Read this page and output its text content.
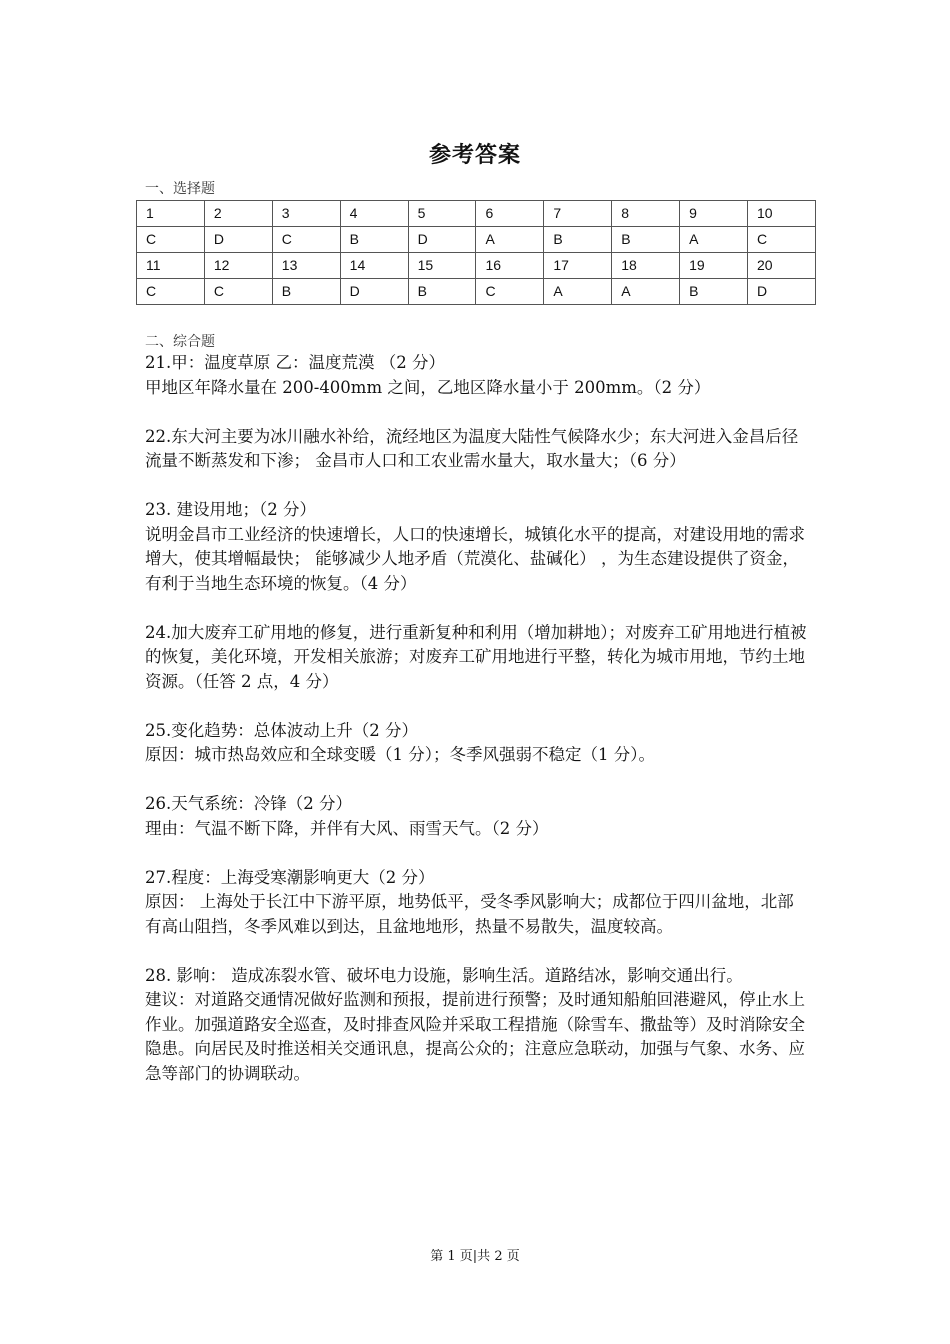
参考答案
一、选择题
1	2	3	4	5	6	7	8	9	10
C	D	C	B	D	A	B	B	A	C
11	12	13	14	15	16	17	18	19	20
C	C	B	D	B	C	A	A	B	D
二、综合题

21.甲：温度草原 乙：温度荒漠 （2 分）

甲地区年降水量在 200-400mm 之间，乙地区降水量小于 200mm。（2 分）

22.东大河主要为冰川融水补给，流经地区为温度大陆性气候降水少；东大河进入金昌后径流量不断蒸发和下渗； 金昌市人口和工农业需水量大，取水量大；（6 分）

23. 建设用地；（2 分）

说明金昌市工业经济的快速增长，人口的快速增长，城镇化水平的提高，对建设用地的需求增大，使其增幅最快； 能够减少人地矛盾（荒漠化、盐碱化） ，为生态建设提供了资金，有利于当地生态环境的恢复。（4 分）

24.加大废弃工矿用地的修复，进行重新复种和利用（增加耕地）；对废弃工矿用地进行植被的恢复，美化环境，开发相关旅游；对废弃工矿用地进行平整，转化为城市用地，节约土地资源。（任答 2 点，4 分）

25.变化趋势：总体波动上升（2 分）

原因：城市热岛效应和全球变暖（1 分）；冬季风强弱不稳定（1 分）。

26.天气系统：冷锋（2 分）

理由：气温不断下降，并伴有大风、雨雪天气。（2 分）

27.程度：上海受寒潮影响更大（2 分）

原因： 上海处于长江中下游平原，地势低平，受冬季风影响大；成都位于四川盆地，北部有高山阻挡，冬季风难以到达，且盆地地形，热量不易散失，温度较高。

28. 影响： 造成冻裂水管、破坏电力设施，影响生活。道路结冰，影响交通出行。

建议：对道路交通情况做好监测和预报，提前进行预警；及时通知船舶回港避风，停止水上作业。加强道路安全巡查，及时排查风险并采取工程措施（除雪车、撒盐等）及时消除安全隐患。向居民及时推送相关交通讯息，提高公众的；注意应急联动，加强与气象、水务、应急等部门的协调联动。

第 1 页|共 2 页
